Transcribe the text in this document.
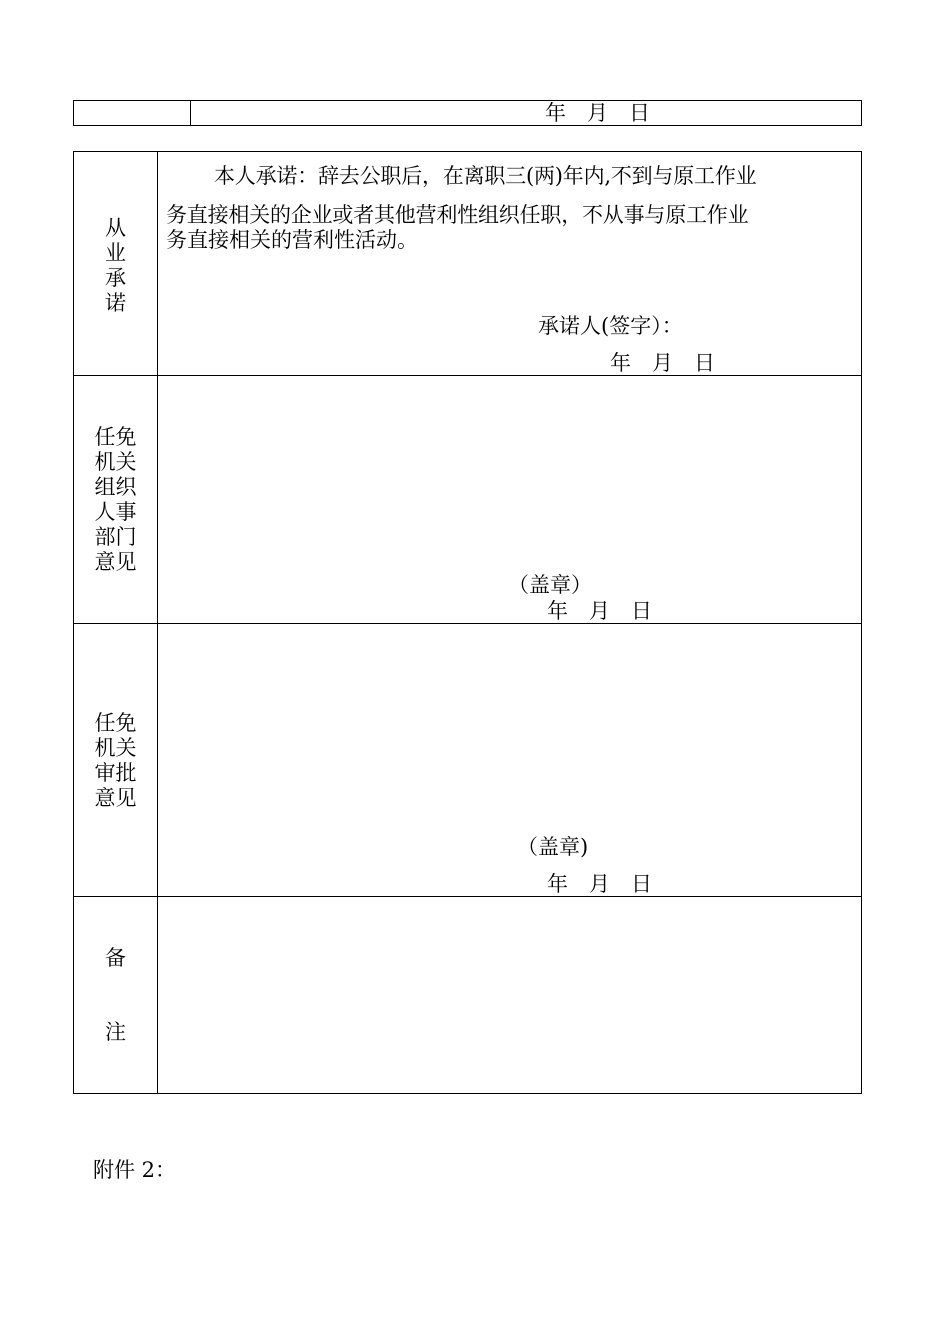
年　月　日
从
业
承
诺
本人承诺：辞去公职后，在离职三(两)年内,不到与原工作业
务直接相关的企业或者其他营利性组织任职，不从事与原工作业
务直接相关的营利性活动。
承诺人(签字）：
年　月　日
任免
机关
组织
人事
部门
意见
（盖章）
年　月　日
任免
机关
审批
意见
（盖章)
年　月　日
备
注
附件 2：
